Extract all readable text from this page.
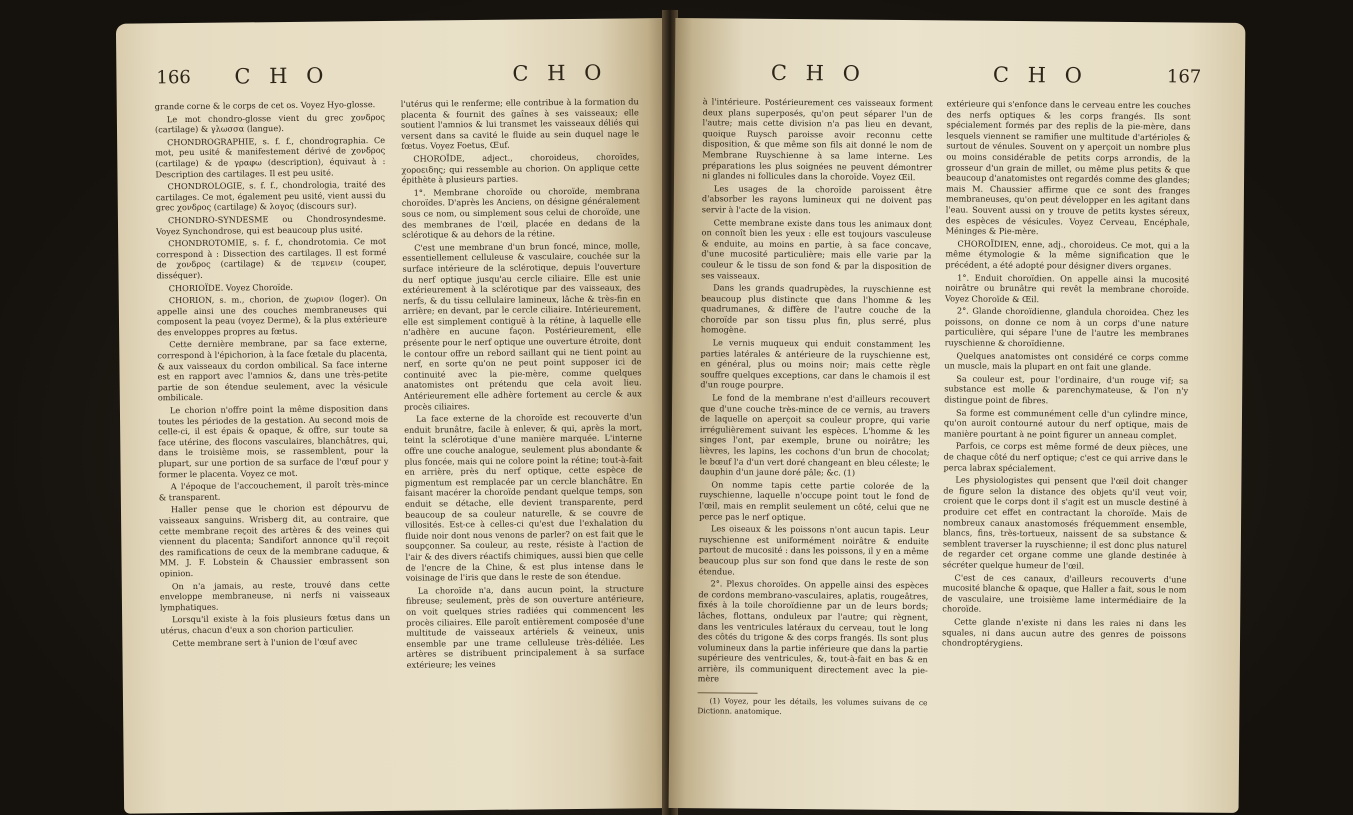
166 C H O	C H O

grande corne & le corps de cet os. Voyez Hyo-glosse.

Le mot chondro-glosse vient du grec χονδρος (cartilage) & γλωσσα (langue).

CHONDROGRAPHIE, s. f. f., chondrographia. Ce mot, peu usité & manifestement dérivé de χονδρος (cartilage) & de γραφω (description), équivaut à : Description des cartilages. Il est peu usité.

CHONDROLOGIE, s. f. f., chondrologia, traité des cartilages. Ce mot, également peu usité, vient aussi du grec χονδρος (cartilage) & λογος (discours sur).

CHONDRO-SYNDESME ou Chondrosyndesme. Voyez Synchondrose, qui est beaucoup plus usité.

CHONDROTOMIE, s. f. f., chondrotomia. Ce mot correspond à : Dissection des cartilages. Il est formé de χονδρος (cartilage) & de τεμνειν (couper, disséquer).

CHORIOÏDE. Voyez Choroïde.

CHORION, s. m., chorion, de χωριον (loger). On appelle ainsi une des couches membraneuses qui composent la peau (voyez Derme), & la plus extérieure des enveloppes propres au fœtus.

Cette dernière membrane, par sa face externe, correspond à l'épichorion, à la face fœtale du placenta, & aux vaisseaux du cordon ombilical. Sa face interne est en rapport avec l'amnios &, dans une très-petite partie de son étendue seulement, avec la vésicule ombilicale.

Le chorion n'offre point la même disposition dans toutes les périodes de la gestation. Au second mois de celle-ci, il est épais & opaque, & offre, sur toute sa face utérine, des flocons vasculaires, blanchâtres, qui, dans le troisième mois, se rassemblent, pour la plupart, sur une portion de sa surface de l'œuf pour y former le placenta. Voyez ce mot.

A l'époque de l'accouchement, il paroît très-mince & transparent.

Haller pense que le chorion est dépourvu de vaisseaux sanguins. Wrisberg dit, au contraire, que cette membrane reçoit des artères & des veines qui viennent du placenta; Sandifort annonce qu'il reçoit des ramifications de ceux de la membrane caduque, & MM. J. F. Lobstein & Chaussier embrassent son opinion.

On n'a jamais, au reste, trouvé dans cette enveloppe membraneuse, ni nerfs ni vaisseaux lymphatiques.

Lorsqu'il existe à la fois plusieurs fœtus dans un utérus, chacun d'eux a son chorion particulier.

Cette membrane sert à l'union de l'œuf avec

l'utérus qui le renferme; elle contribue à la formation du placenta & fournit des gaînes à ses vaisseaux; elle soutient l'amnios & lui transmet les vaisseaux déliés qui versent dans sa cavité le fluide au sein duquel nage le fœtus. Voyez Foetus, Œuf.

CHOROÏDE, adject., choroideus, choroïdes, χοροειδης; qui ressemble au chorion. On applique cette épithète à plusieurs parties.

1°. Membrane choroïde ou choroïde, membrana choroïdes. D'après les Anciens, on désigne généralement sous ce nom, ou simplement sous celui de choroïde, une des membranes de l'œil, placée en dedans de la sclérotique & au dehors de la rétine.

C'est une membrane d'un brun foncé, mince, molle, essentiellement celluleuse & vasculaire, couchée sur la surface intérieure de la sclérotique, depuis l'ouverture du nerf optique jusqu'au cercle ciliaire. Elle est unie extérieurement à la sclérotique par des vaisseaux, des nerfs, & du tissu cellulaire lamineux, lâche & très-fin en arrière; en devant, par le cercle ciliaire. Intérieurement, elle est simplement contiguë à la rétine, à laquelle elle n'adhère en aucune façon. Postérieurement, elle présente pour le nerf optique une ouverture étroite, dont le contour offre un rebord saillant qui ne tient point au nerf, en sorte qu'on ne peut point supposer ici de continuité avec la pie-mère, comme quelques anatomistes ont prétendu que cela avoit lieu. Antérieurement elle adhère fortement au cercle & aux procès ciliaires.

La face externe de la choroïde est recouverte d'un enduit brunâtre, facile à enlever, & qui, après la mort, teint la sclérotique d'une manière marquée. L'interne offre une couche analogue, seulement plus abondante & plus foncée, mais qui ne colore point la rétine; tout-à-fait en arrière, près du nerf optique, cette espèce de pigmentum est remplacée par un cercle blanchâtre. En faisant macérer la choroïde pendant quelque temps, son enduit se détache, elle devient transparente, perd beaucoup de sa couleur naturelle, & se couvre de villosités. Est-ce à celles-ci qu'est due l'exhalation du fluide noir dont nous venons de parler? on est fait que le soupçonner. Sa couleur, au reste, résiste à l'action de l'air & des divers réactifs chimiques, aussi bien que celle de l'encre de la Chine, & est plus intense dans le voisinage de l'iris que dans le reste de son étendue.

La choroïde n'a, dans aucun point, la structure fibreuse; seulement, près de son ouverture antérieure, on voit quelques stries radiées qui commencent les procès ciliaires. Elle paroît entièrement composée d'une multitude de vaisseaux artériels & veineux, unis ensemble par une trame celluleuse très-déliée. Les artères se distribuent principalement à sa surface extérieure; les veines

C H O	C H O	167

à l'intérieure. Postérieurement ces vaisseaux forment deux plans superposés, qu'on peut séparer l'un de l'autre; mais cette division n'a pas lieu en devant, quoique Ruysch paroisse avoir reconnu cette disposition, & que même son fils ait donné le nom de Membrane Ruyschienne à sa lame interne. Les préparations les plus soignées ne peuvent démontrer ni glandes ni follicules dans la choroïde. Voyez Œil.

Les usages de la choroïde paroissent être d'absorber les rayons lumineux qui ne doivent pas servir à l'acte de la vision.

Cette membrane existe dans tous les animaux dont on connoît bien les yeux : elle est toujours vasculeuse & enduite, au moins en partie, à sa face concave, d'une mucosité particulière; mais elle varie par la couleur & le tissu de son fond & par la disposition de ses vaisseaux.

Dans les grands quadrupèdes, la ruyschienne est beaucoup plus distincte que dans l'homme & les quadrumanes, & diffère de l'autre couche de la choroïde par son tissu plus fin, plus serré, plus homogène.

Le vernis muqueux qui enduit constamment les parties latérales & antérieure de la ruyschienne est, en général, plus ou moins noir; mais cette règle souffre quelques exceptions, car dans le chamois il est d'un rouge pourpre.

Le fond de la membrane n'est d'ailleurs recouvert que d'une couche très-mince de ce vernis, au travers de laquelle on aperçoit sa couleur propre, qui varie irrégulièrement suivant les espèces. L'homme & les singes l'ont, par exemple, brune ou noirâtre; les lièvres, les lapins, les cochons d'un brun de chocolat; le bœuf l'a d'un vert doré changeant en bleu céleste; le dauphin d'un jaune doré pâle; &c. (1)

On nomme tapis cette partie colorée de la ruyschienne, laquelle n'occupe point tout le fond de l'œil, mais en remplit seulement un côté, celui que ne perce pas le nerf optique.

Les oiseaux & les poissons n'ont aucun tapis. Leur ruyschienne est uniformément noirâtre & enduite partout de mucosité : dans les poissons, il y en a même beaucoup plus sur son fond que dans le reste de son étendue.

2°. Plexus choroïdes. On appelle ainsi des espèces de cordons membrano-vasculaires, aplatis, rougeâtres, fixés à la toile choroïdienne par un de leurs bords; lâches, flottans, onduleux par l'autre; qui règnent, dans les ventricules latéraux du cerveau, tout le long des côtés du trigone & des corps frangés. Ils sont plus volumineux dans la partie inférieure que dans la partie supérieure des ventricules, &, tout-à-fait en bas & en arrière, ils communiquent directement avec la pie-mère

(1) Voyez, pour les détails, les volumes suivans de ce Dictionn. anatomique.

extérieure qui s'enfonce dans le cerveau entre les couches des nerfs optiques & les corps frangés. Ils sont spécialement formés par des replis de la pie-mère, dans lesquels viennent se ramifier une multitude d'artérioles & surtout de vénules. Souvent on y aperçoit un nombre plus ou moins considérable de petits corps arrondis, de la grosseur d'un grain de millet, ou même plus petits & que beaucoup d'anatomistes ont regardés comme des glandes; mais M. Chaussier affirme que ce sont des franges membraneuses, qu'on peut développer en les agitant dans l'eau. Souvent aussi on y trouve de petits kystes séreux, des espèces de vésicules. Voyez Cerveau, Encéphale, Méninges & Pie-mère.

CHOROÏDIEN, enne, adj., choroideus. Ce mot, qui a la même étymologie & la même signification que le précédent, a été adopté pour désigner divers organes.

1°. Enduit choroïdien. On appelle ainsi la mucosité noirâtre ou brunâtre qui revêt la membrane choroïde. Voyez Choroïde & Œil.

2°. Glande choroïdienne, glandula choroidea. Chez les poissons, on donne ce nom à un corps d'une nature particulière, qui sépare l'une de l'autre les membranes ruyschienne & choroïdienne.

Quelques anatomistes ont considéré ce corps comme un muscle, mais la plupart en ont fait une glande.

Sa couleur est, pour l'ordinaire, d'un rouge vif; sa substance est molle & parenchymateuse, & l'on n'y distingue point de fibres.

Sa forme est communément celle d'un cylindre mince, qu'on auroit contourné autour du nerf optique, mais de manière pourtant à ne point figurer un anneau complet.

Parfois, ce corps est même formé de deux pièces, une de chaque côté du nerf optique; c'est ce qui arrive dans le perca labrax spécialement.

Les physiologistes qui pensent que l'œil doit changer de figure selon la distance des objets qu'il veut voir, croient que le corps dont il s'agit est un muscle destiné à produire cet effet en contractant la choroïde. Mais de nombreux canaux anastomosés fréquemment ensemble, blancs, fins, très-tortueux, naissent de sa substance & semblent traverser la ruyschienne; il est donc plus naturel de regarder cet organe comme une glande destinée à sécréter quelque humeur de l'œil.

C'est de ces canaux, d'ailleurs recouverts d'une mucosité blanche & opaque, que Haller a fait, sous le nom de vasculaire, une troisième lame intermédiaire de la choroïde.

Cette glande n'existe ni dans les raies ni dans les squales, ni dans aucun autre des genres de poissons chondroptérygiens.
